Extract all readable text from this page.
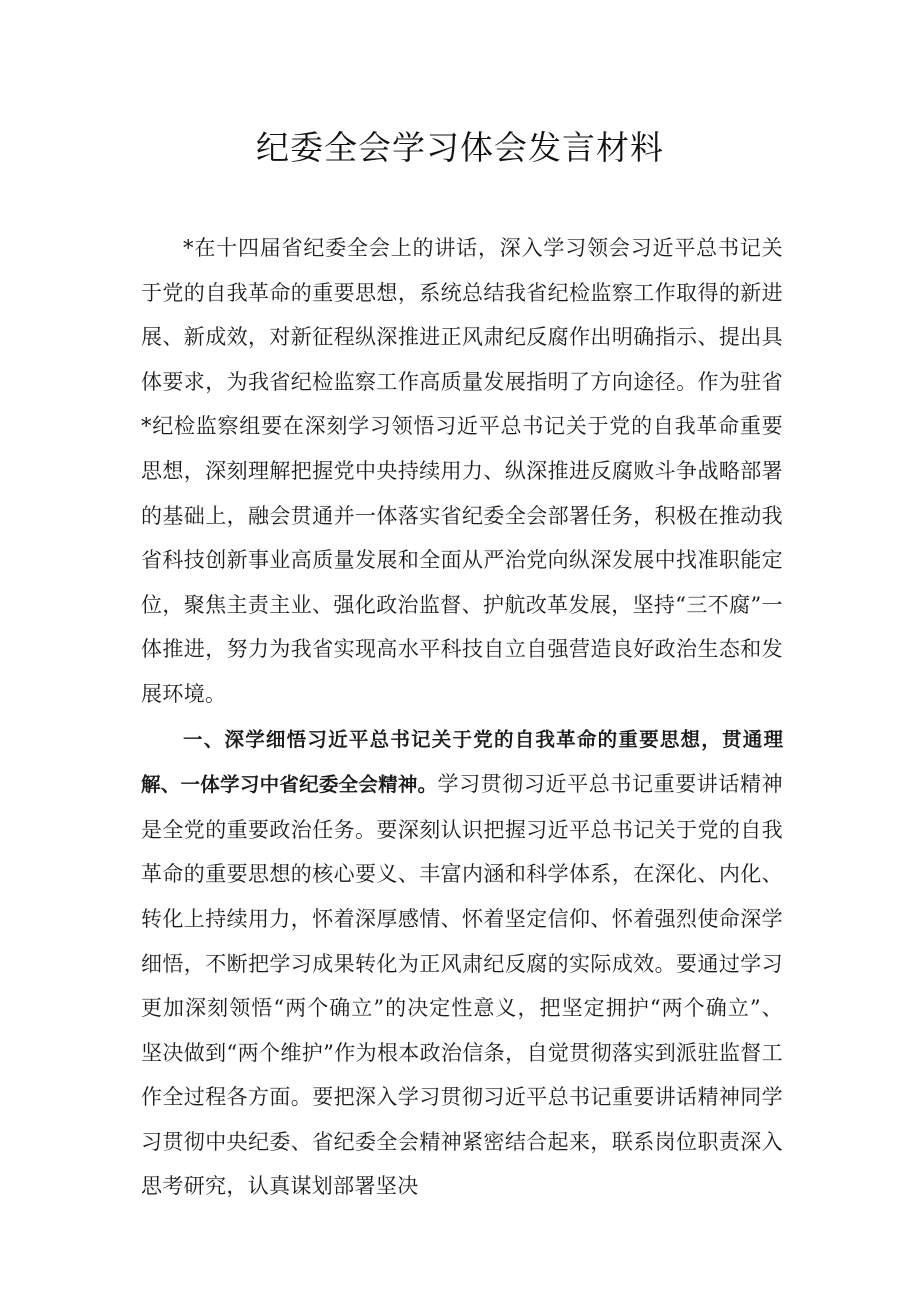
纪委全会学习体会发言材料

*在十四届省纪委全会上的讲话，深入学习领会习近平总书记关于党的自我革命的重要思想，系统总结我省纪检监察工作取得的新进展、新成效，对新征程纵深推进正风肃纪反腐作出明确指示、提出具体要求，为我省纪检监察工作高质量发展指明了方向途径。作为驻省*纪检监察组要在深刻学习领悟习近平总书记关于党的自我革命重要思想，深刻理解把握党中央持续用力、纵深推进反腐败斗争战略部署的基础上，融会贯通并一体落实省纪委全会部署任务，积极在推动我省科技创新事业高质量发展和全面从严治党向纵深发展中找准职能定位，聚焦主责主业、强化政治监督、护航改革发展，坚持“三不腐”一体推进，努力为我省实现高水平科技自立自强营造良好政治生态和发展环境。

一、深学细悟习近平总书记关于党的自我革命的重要思想，贯通理解、一体学习中省纪委全会精神。学习贯彻习近平总书记重要讲话精神是全党的重要政治任务。要深刻认识把握习近平总书记关于党的自我革命的重要思想的核心要义、丰富内涵和科学体系，在深化、内化、转化上持续用力，怀着深厚感情、怀着坚定信仰、怀着强烈使命深学细悟，不断把学习成果转化为正风肃纪反腐的实际成效。要通过学习更加深刻领悟“两个确立”的决定性意义，把坚定拥护“两个确立”、坚决做到“两个维护”作为根本政治信条，自觉贯彻落实到派驻监督工作全过程各方面。要把深入学习贯彻习近平总书记重要讲话精神同学习贯彻中央纪委、省纪委全会精神紧密结合起来，联系岗位职责深入思考研究，认真谋划部署坚决
